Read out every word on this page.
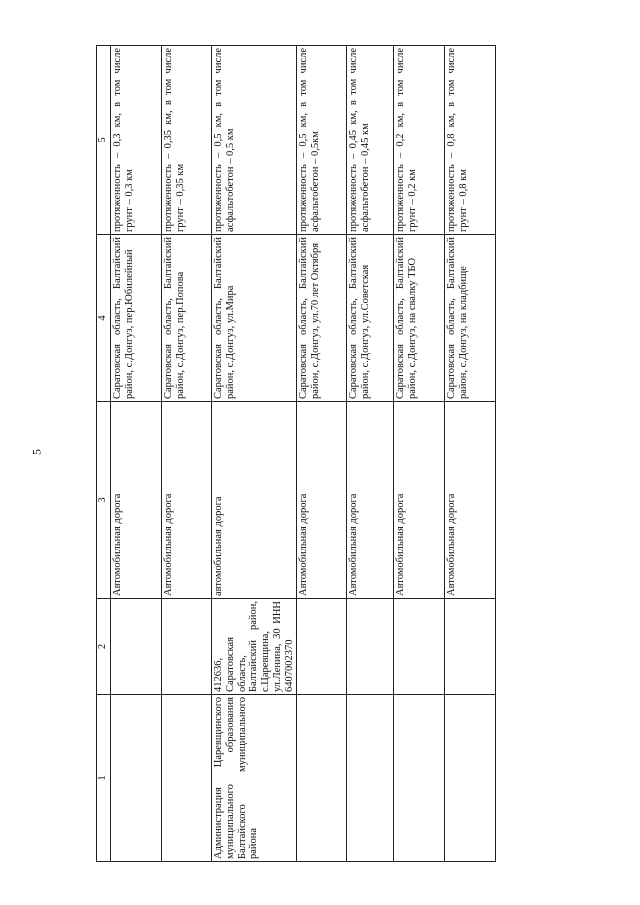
5
1	2	3	4	5
		Автомобильная дорога	Саратовская область, Балтайский район, с.Донгуз, пер.Юбилейный	протяженность – 0,3 км, в том числе грунт – 0,3 км
		Автомобильная дорога	Саратовская область, Балтайский район, с.Донгуз, пер.Попова	протяженность – 0,35 км, в том числе грунт – 0,35 км
Администрация Царевщинского муниципального образования Балтайского муниципального района	412636, Саратовская область, Балтайский район, с.Царевщина, ул.Ленина, 30 ИНН 6407002370	автомобильная дорога	Саратовская область, Балтайский район, с.Донгуз, ул.Мира	протяженность – 0,5 км, в том числе асфальтобетон – 0,5 км
		Автомобильная дорога	Саратовская область, Балтайский район, с.Донгуз, ул.70 лет Октября	протяженность – 0,5 км, в том числе асфальтобетон – 0,5км
		Автомобильная дорога	Саратовская область, Балтайский район, с.Донгуз, ул.Советская	протяженность – 0,45 км, в том числе асфальтобетон – 0,45 км
		Автомобильная дорога	Саратовская область, Балтайский район, с.Донгуз, на свалку ТБО	протяженность – 0,2 км, в том числе грунт – 0,2 км
		Автомобильная дорога	Саратовская область, Балтайский район, с.Донгуз, на кладбище	протяженность – 0,8 км, в том числе грунт – 0,8 км
